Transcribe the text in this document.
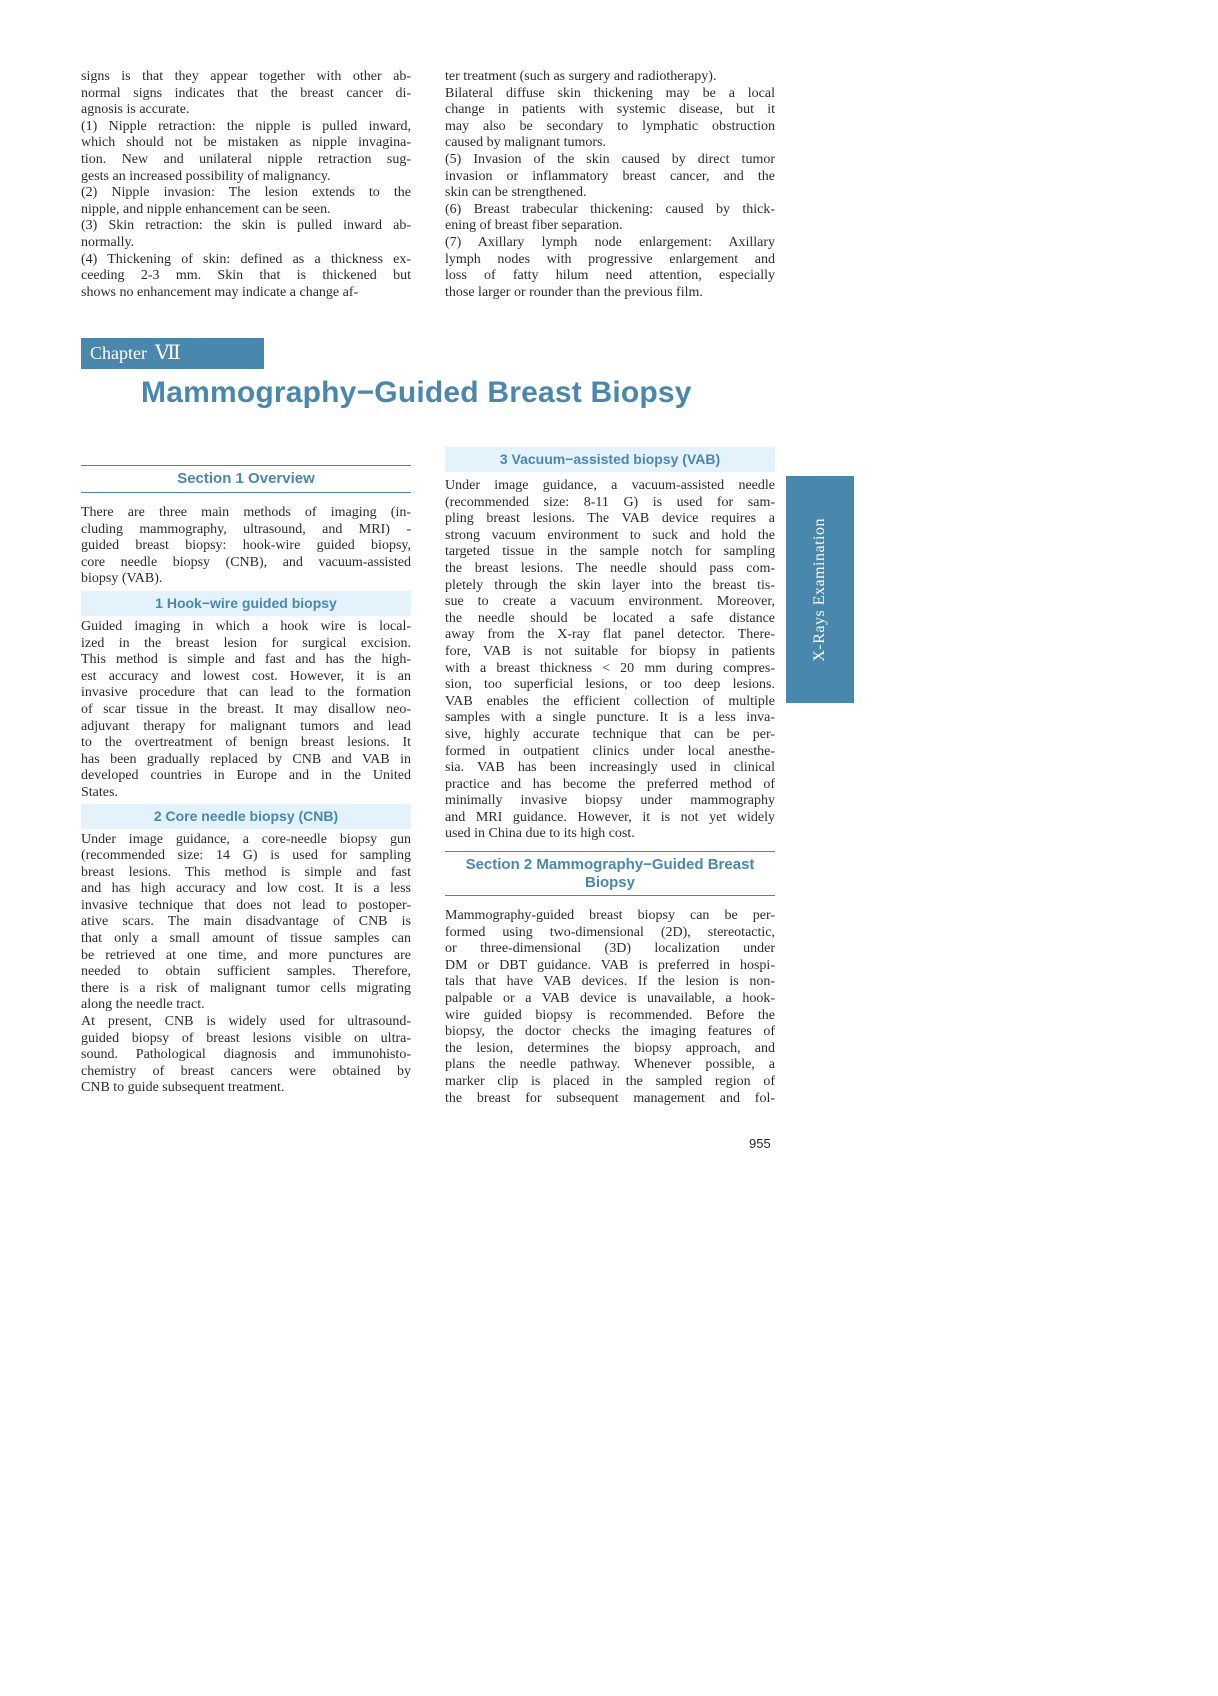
signs is that they appear together with other ab-
normal signs indicates that the breast cancer di-
agnosis is accurate.
(1) Nipple retraction: the nipple is pulled inward,
which should not be mistaken as nipple invagina-
tion. New and unilateral nipple retraction sug-
gests an increased possibility of malignancy.
(2) Nipple invasion: The lesion extends to the
nipple, and nipple enhancement can be seen.
(3) Skin retraction: the skin is pulled inward ab-
normally.
(4) Thickening of skin: defined as a thickness ex-
ceeding 2-3 mm. Skin that is thickened but
shows no enhancement may indicate a change af-
ter treatment (such as surgery and radiotherapy).
Bilateral diffuse skin thickening may be a local
change in patients with systemic disease, but it
may also be secondary to lymphatic obstruction
caused by malignant tumors.
(5) Invasion of the skin caused by direct tumor
invasion or inflammatory breast cancer, and the
skin can be strengthened.
(6) Breast trabecular thickening: caused by thick-
ening of breast fiber separation.
(7) Axillary lymph node enlargement: Axillary
lymph nodes with progressive enlargement and
loss of fatty hilum need attention, especially
those larger or rounder than the previous film.
Chapter Ⅶ
Mammography−Guided Breast Biopsy
Section 1 Overview
There are three main methods of imaging (in-
cluding mammography, ultrasound, and MRI) -
guided breast biopsy: hook-wire guided biopsy,
core needle biopsy (CNB), and vacuum-assisted
biopsy (VAB).
1 Hook−wire guided biopsy
Guided imaging in which a hook wire is local-
ized in the breast lesion for surgical excision.
This method is simple and fast and has the high-
est accuracy and lowest cost. However, it is an
invasive procedure that can lead to the formation
of scar tissue in the breast. It may disallow neo-
adjuvant therapy for malignant tumors and lead
to the overtreatment of benign breast lesions. It
has been gradually replaced by CNB and VAB in
developed countries in Europe and in the United
States.
2 Core needle biopsy (CNB)
Under image guidance, a core-needle biopsy gun
(recommended size: 14 G) is used for sampling
breast lesions. This method is simple and fast
and has high accuracy and low cost. It is a less
invasive technique that does not lead to postoper-
ative scars. The main disadvantage of CNB is
that only a small amount of tissue samples can
be retrieved at one time, and more punctures are
needed to obtain sufficient samples. Therefore,
there is a risk of malignant tumor cells migrating
along the needle tract.
At present, CNB is widely used for ultrasound-
guided biopsy of breast lesions visible on ultra-
sound. Pathological diagnosis and immunohisto-
chemistry of breast cancers were obtained by
CNB to guide subsequent treatment.
3 Vacuum−assisted biopsy (VAB)
Under image guidance, a vacuum-assisted needle
(recommended size: 8-11 G) is used for sam-
pling breast lesions. The VAB device requires a
strong vacuum environment to suck and hold the
targeted tissue in the sample notch for sampling
the breast lesions. The needle should pass com-
pletely through the skin layer into the breast tis-
sue to create a vacuum environment. Moreover,
the needle should be located a safe distance
away from the X-ray flat panel detector. There-
fore, VAB is not suitable for biopsy in patients
with a breast thickness < 20 mm during compres-
sion, too superficial lesions, or too deep lesions.
VAB enables the efficient collection of multiple
samples with a single puncture. It is a less inva-
sive, highly accurate technique that can be per-
formed in outpatient clinics under local anesthe-
sia. VAB has been increasingly used in clinical
practice and has become the preferred method of
minimally invasive biopsy under mammography
and MRI guidance. However, it is not yet widely
used in China due to its high cost.
Section 2 Mammography−Guided Breast
Biopsy
Mammography-guided breast biopsy can be per-
formed using two-dimensional (2D), stereotactic,
or three-dimensional (3D) localization under
DM or DBT guidance. VAB is preferred in hospi-
tals that have VAB devices. If the lesion is non-
palpable or a VAB device is unavailable, a hook-
wire guided biopsy is recommended. Before the
biopsy, the doctor checks the imaging features of
the lesion, determines the biopsy approach, and
plans the needle pathway. Whenever possible, a
marker clip is placed in the sampled region of
the breast for subsequent management and fol-
X-Rays Examination
955
